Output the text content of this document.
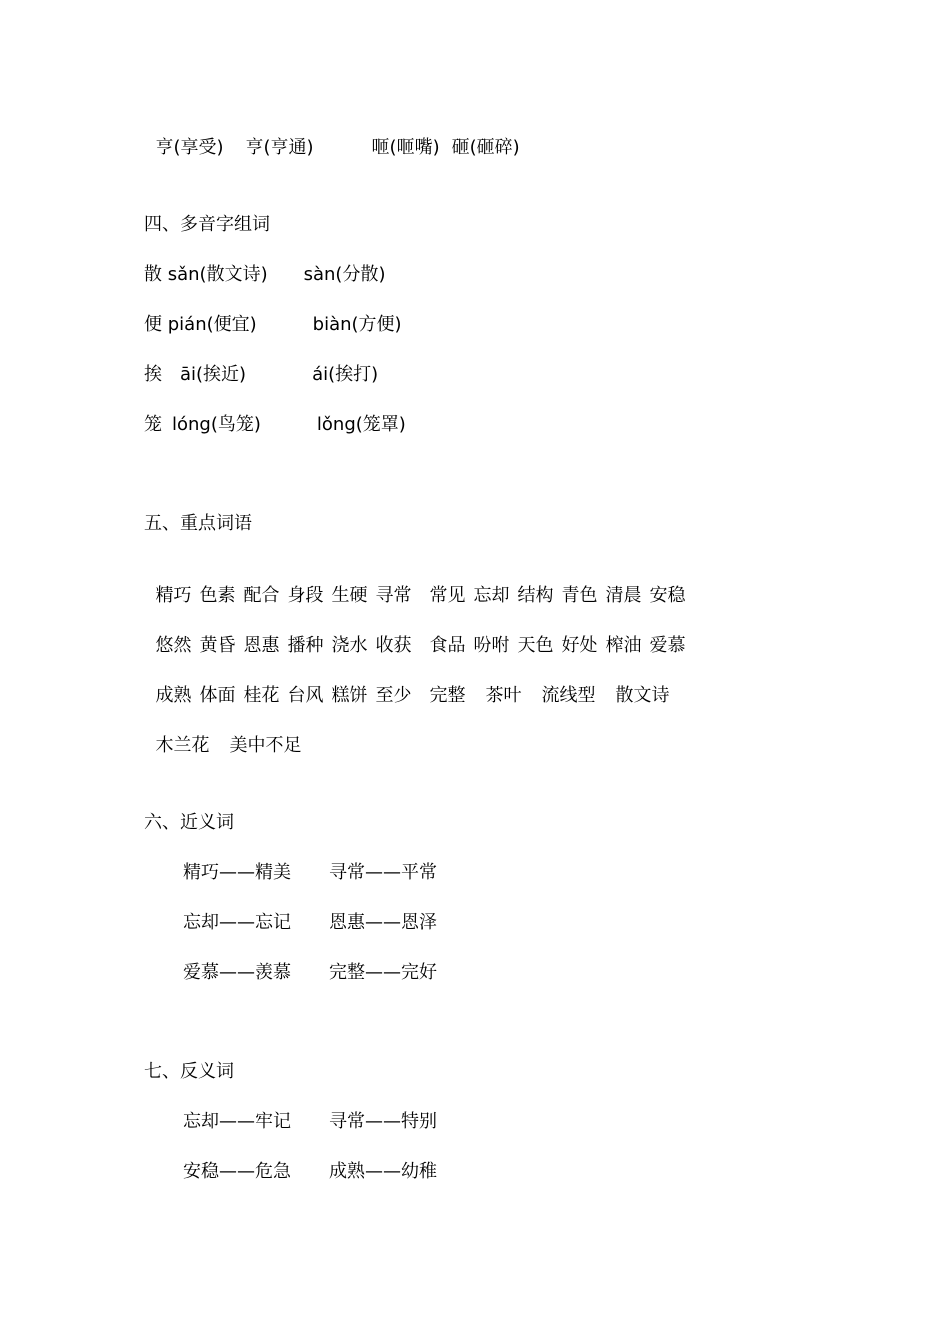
亨(享受) 亨(亨通)	咂(咂嘴) 砸(砸碎)

四、多音字组词
散 sǎn(散文诗) sàn(分散)
便 pián(便宜)	biàn(方便)
挨 āi(挨近)	ái(挨打)
笼 lóng(鸟笼)	lǒng(笼罩)
五、重点词语

精巧 色素 配合 身段 生硬 寻常 常见 忘却 结构 青色 清晨 安稳

悠然 黄昏 恩惠 播种 浇水 收获 食品 吩咐 天色 好处 榨油 爱慕

成熟 体面 桂花 台风 糕饼 至少 完整 茶叶 流线型 散文诗

木兰花 美中不足

六、近义词
精巧——精美 寻常——平常
忘却——忘记 恩惠——恩泽
爱慕——羡慕 完整——完好
七、反义词
忘却——牢记 寻常——特别
安稳——危急 成熟——幼稚
